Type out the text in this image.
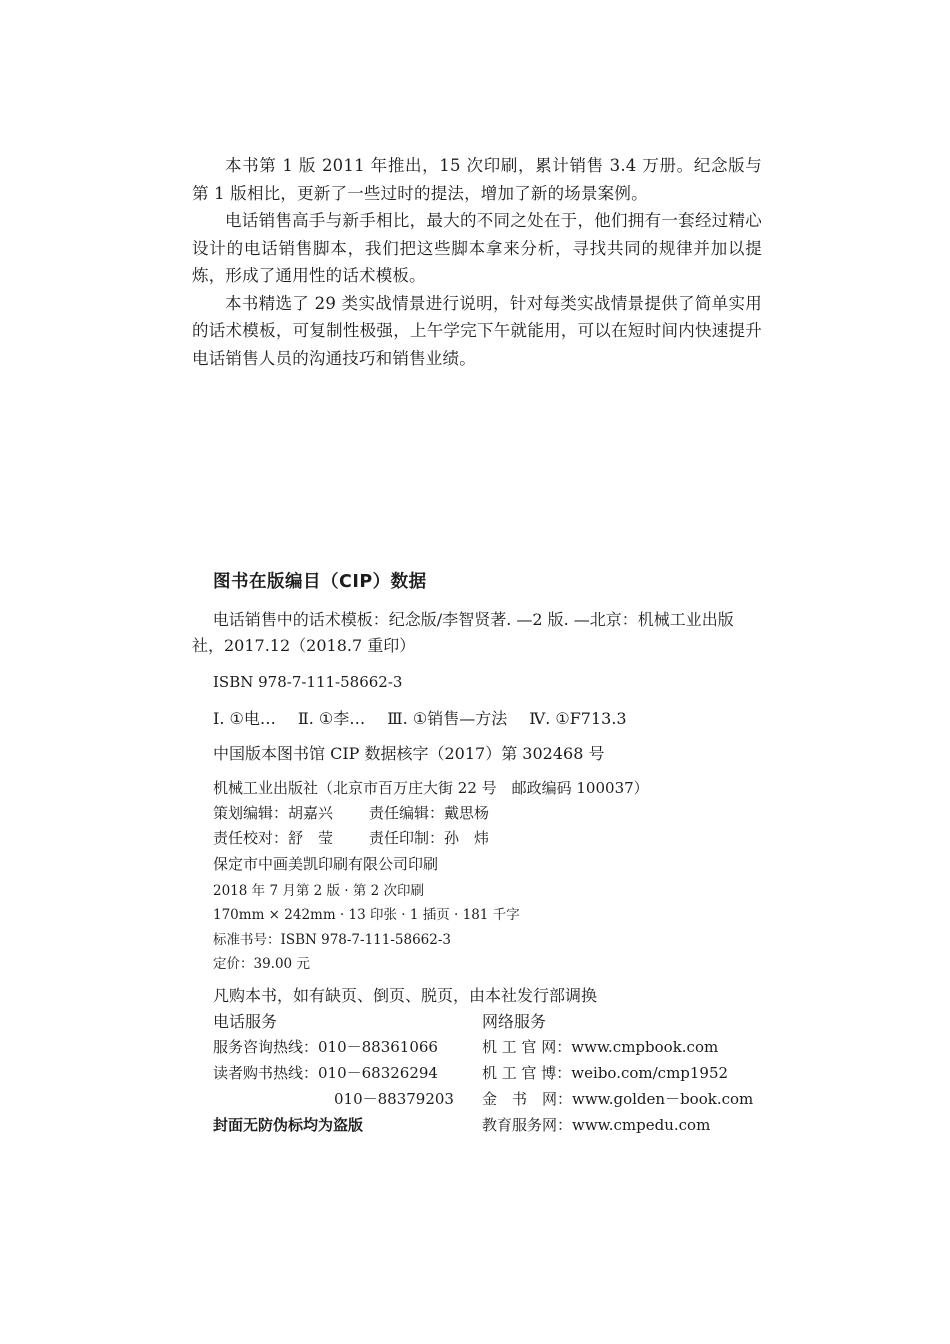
本书第 1 版 2011 年推出，15 次印刷，累计销售 3.4 万册。纪念版与第 1 版相比，更新了一些过时的提法，增加了新的场景案例。

电话销售高手与新手相比，最大的不同之处在于，他们拥有一套经过精心设计的电话销售脚本，我们把这些脚本拿来分析，寻找共同的规律并加以提炼，形成了通用性的话术模板。

本书精选了 29 类实战情景进行说明，针对每类实战情景提供了简单实用的话术模板，可复制性极强，上午学完下午就能用，可以在短时间内快速提升电话销售人员的沟通技巧和销售业绩。

图书在版编目（CIP）数据

电话销售中的话术模板：纪念版/李智贤著. —2 版. —北京：机械工业出版社，2017.12（2018.7 重印）

ISBN 978-7-111-58662-3
Ⅰ. ①电… Ⅱ. ①李… Ⅲ. ①销售—方法 Ⅳ. ①F713.3
中国版本图书馆 CIP 数据核字（2017）第 302468 号
机械工业出版社（北京市百万庄大街 22 号　邮政编码 100037）
策划编辑：胡嘉兴 责任编辑：戴思杨
责任校对：舒　莹 责任印制：孙　炜
保定市中画美凯印刷有限公司印刷
2018 年 7 月第 2 版 · 第 2 次印刷
170mm × 242mm · 13 印张 · 1 插页 · 181 千字
标准书号：ISBN 978-7-111-58662-3
定价：39.00 元
凡购本书，如有缺页、倒页、脱页，由本社发行部调换
电话服务	网络服务
服务咨询热线：010－88361066	机 工 官 网：www.cmpbook.com
读者购书热线：010－68326294	机 工 官 博：weibo.com/cmp1952
010－88379203 金　书　网：www.golden－book.com
封面无防伪标均为盗版	教育服务网：www.cmpedu.com
